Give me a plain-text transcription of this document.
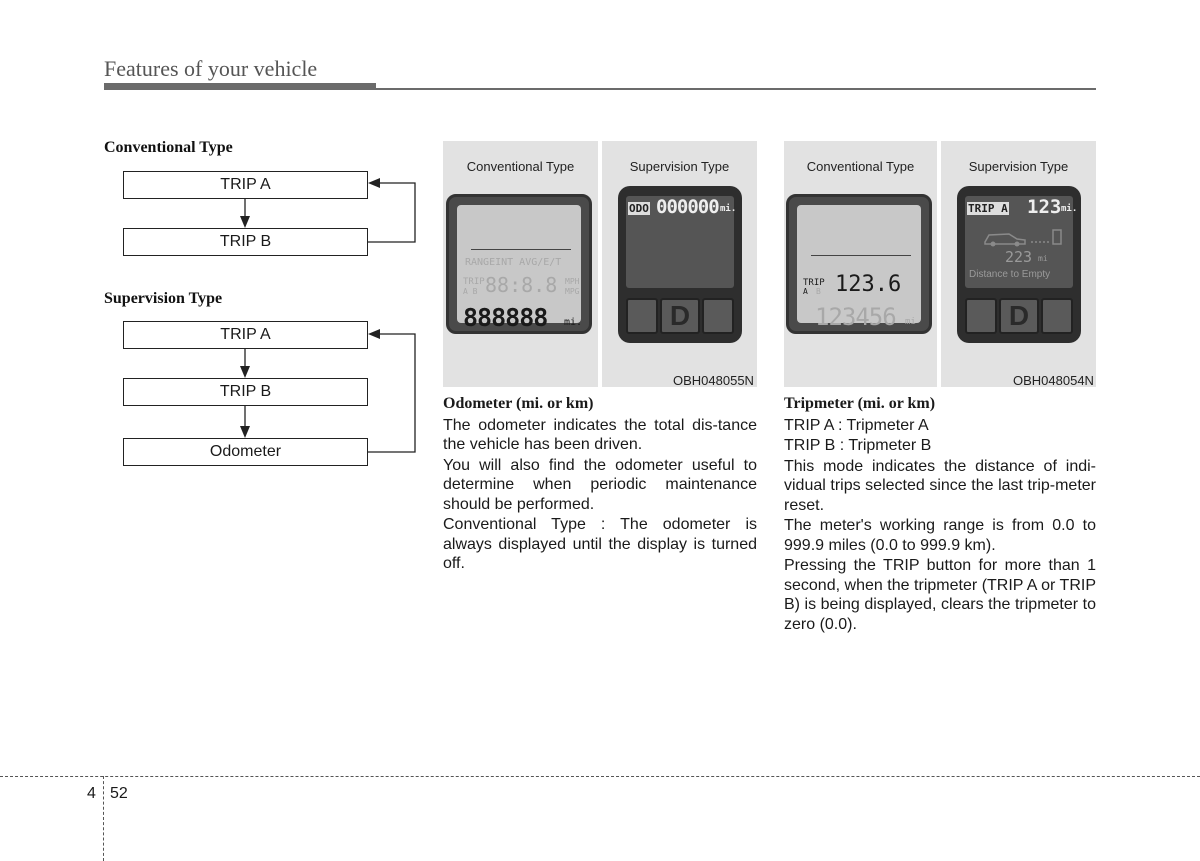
Features of your vehicle
Conventional Type
TRIP A
TRIP B
Supervision Type
TRIP A
TRIP B
Odometer
Conventional Type	Supervision Type
RANGEINT AVG/E/T
TRIP
A B 88:8.8 MPH
MPG
888888 mi.
ODO 000000 mi.
D
OBH048055N
Conventional Type	Supervision Type
TRIP
A B 123.6
123456 mi
TRIP A 123 mi.
223 mi
Distance to Empty
D
OBH048054N
Odometer (mi. or km)

The odometer indicates the total dis-tance the vehicle has been driven.

You will also find the odometer useful to determine when periodic maintenance should be performed.

Conventional Type : The odometer is always displayed until the display is turned off.

Tripmeter (mi. or km)

TRIP A : Tripmeter A

TRIP B : Tripmeter B

This mode indicates the distance of indi-vidual trips selected since the last trip-meter reset.

The meter's working range is from 0.0 to 999.9 miles (0.0 to 999.9 km).

Pressing the TRIP button for more than 1 second, when the tripmeter (TRIP A or TRIP B) is being displayed, clears the tripmeter to zero (0.0).

4 52
